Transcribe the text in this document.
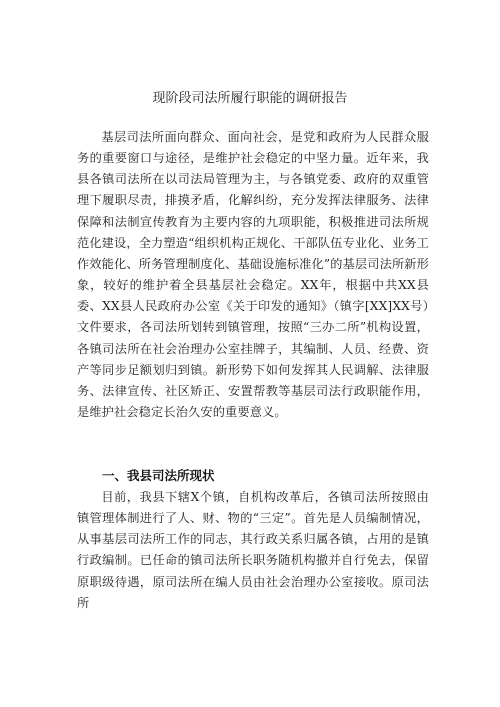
现阶段司法所履行职能的调研报告

基层司法所面向群众、面向社会，是党和政府为人民群众服务的重要窗口与途径，是维护社会稳定的中坚力量。近年来，我县各镇司法所在以司法局管理为主，与各镇党委、政府的双重管理下履职尽责，排摸矛盾，化解纠纷，充分发挥法律服务、法律保障和法制宣传教育为主要内容的九项职能，积极推进司法所规范化建设，全力塑造“组织机构正规化、干部队伍专业化、业务工作效能化、所务管理制度化、基础设施标准化”的基层司法所新形象，较好的维护着全县基层社会稳定。XX年，根据中共XX县委、XX县人民政府办公室《关于印发的通知》（镇字[XX]XX号）文件要求，各司法所划转到镇管理，按照“三办二所”机构设置，各镇司法所在社会治理办公室挂牌子，其编制、人员、经费、资产等同步足额划归到镇。新形势下如何发挥其人民调解、法律服务、法律宣传、社区矫正、安置帮教等基层司法行政职能作用，是维护社会稳定长治久安的重要意义。

一、我县司法所现状

目前，我县下辖X个镇，自机构改革后，各镇司法所按照由镇管理体制进行了人、财、物的“三定”。首先是人员编制情况，从事基层司法所工作的同志，其行政关系归属各镇，占用的是镇行政编制。已任命的镇司法所长职务随机构撤并自行免去，保留原职级待遇，原司法所在编人员由社会治理办公室接收。原司法所
